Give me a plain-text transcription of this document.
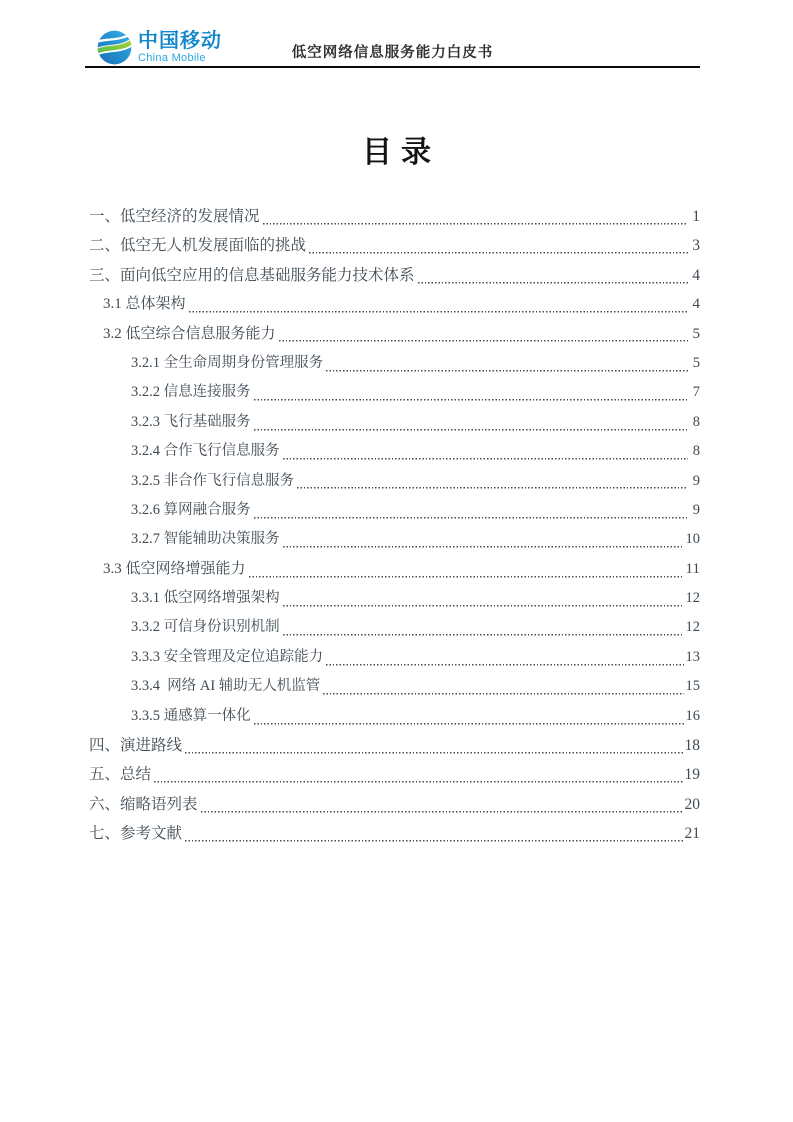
中国移动
China Mobile	低空网络信息服务能力白皮书
目录
一、低空经济的发展情况	1
二、低空无人机发展面临的挑战	3
三、面向低空应用的信息基础服务能力技术体系	4
3.1 总体架构	4
3.2 低空综合信息服务能力	5
3.2.1 全生命周期身份管理服务	5
3.2.2 信息连接服务	7
3.2.3 飞行基础服务	8
3.2.4 合作飞行信息服务	8
3.2.5 非合作飞行信息服务	9
3.2.6 算网融合服务	9
3.2.7 智能辅助决策服务	10
3.3 低空网络增强能力	11
3.3.1 低空网络增强架构	12
3.3.2 可信身份识别机制	12
3.3.3 安全管理及定位追踪能力	13
3.3.4  网络 AI 辅助无人机监管	15
3.3.5 通感算一体化	16
四、演进路线	18
五、总结	19
六、缩略语列表	20
七、参考文献	21
